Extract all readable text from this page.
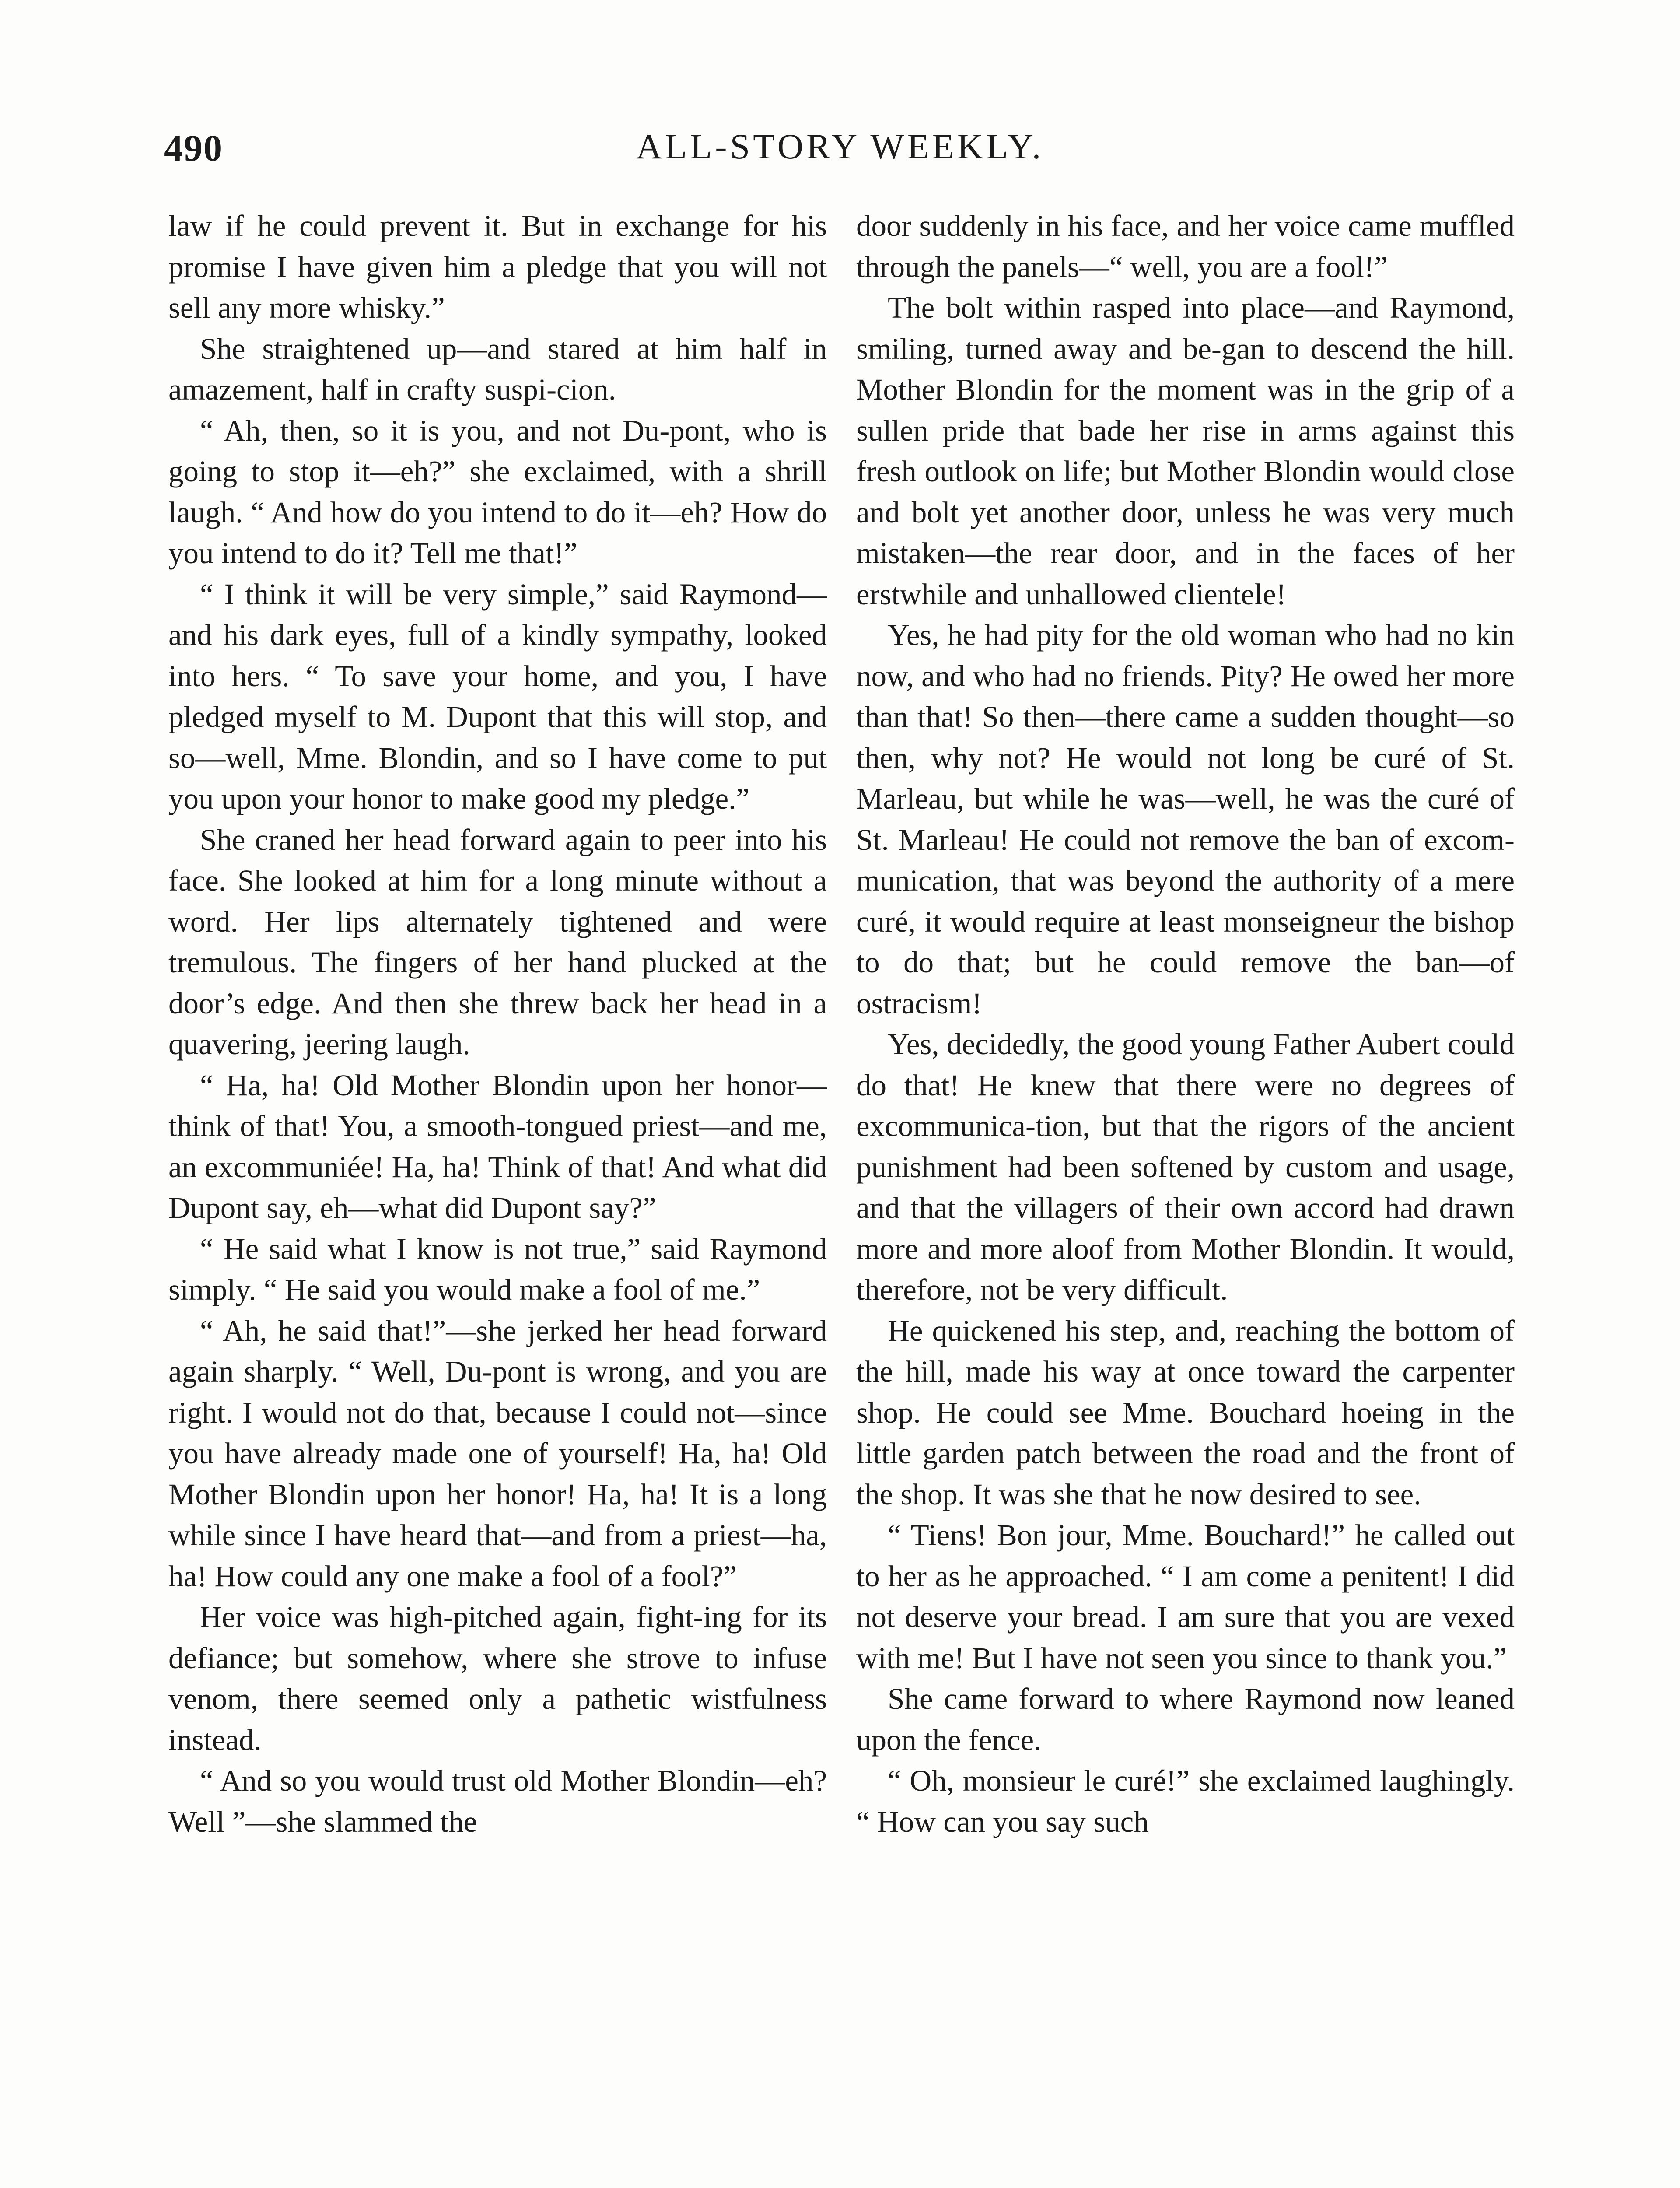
490	ALL-STORY WEEKLY.

law if he could prevent it. But in exchange for his promise I have given him a pledge that you will not sell any more whisky.”

She straightened up—and stared at him half in amazement, half in crafty suspi-cion.

“ Ah, then, so it is you, and not Du-pont, who is going to stop it—eh?” she exclaimed, with a shrill laugh. “ And how do you intend to do it—eh? How do you intend to do it? Tell me that!”

“ I think it will be very simple,” said Raymond—and his dark eyes, full of a kindly sympathy, looked into hers. “ To save your home, and you, I have pledged myself to M. Dupont that this will stop, and so—well, Mme. Blondin, and so I have come to put you upon your honor to make good my pledge.”

She craned her head forward again to peer into his face. She looked at him for a long minute without a word. Her lips alternately tightened and were tremulous. The fingers of her hand plucked at the door’s edge. And then she threw back her head in a quavering, jeering laugh.

“ Ha, ha! Old Mother Blondin upon her honor—think of that! You, a smooth-tongued priest—and me, an excommuniée! Ha, ha! Think of that! And what did Dupont say, eh—what did Dupont say?”

“ He said what I know is not true,” said Raymond simply. “ He said you would make a fool of me.”

“ Ah, he said that!”—she jerked her head forward again sharply. “ Well, Du-pont is wrong, and you are right. I would not do that, because I could not—since you have already made one of yourself! Ha, ha! Old Mother Blondin upon her honor! Ha, ha! It is a long while since I have heard that—and from a priest—ha, ha! How could any one make a fool of a fool?”

Her voice was high-pitched again, fight-ing for its defiance; but somehow, where she strove to infuse venom, there seemed only a pathetic wistfulness instead.

“ And so you would trust old Mother Blondin—eh? Well ”—she slammed the

door suddenly in his face, and her voice came muffled through the panels—“ well, you are a fool!”

The bolt within rasped into place—and Raymond, smiling, turned away and be-gan to descend the hill. Mother Blondin for the moment was in the grip of a sullen pride that bade her rise in arms against this fresh outlook on life; but Mother Blondin would close and bolt yet another door, unless he was very much mistaken—the rear door, and in the faces of her erstwhile and unhallowed clientele!

Yes, he had pity for the old woman who had no kin now, and who had no friends. Pity? He owed her more than that! So then—there came a sudden thought—so then, why not? He would not long be curé of St. Marleau, but while he was—well, he was the curé of St. Marleau! He could not remove the ban of excom-munication, that was beyond the authority of a mere curé, it would require at least monseigneur the bishop to do that; but he could remove the ban—of ostracism!

Yes, decidedly, the good young Father Aubert could do that! He knew that there were no degrees of excommunica-tion, but that the rigors of the ancient punishment had been softened by custom and usage, and that the villagers of their own accord had drawn more and more aloof from Mother Blondin. It would, therefore, not be very difficult.

He quickened his step, and, reaching the bottom of the hill, made his way at once toward the carpenter shop. He could see Mme. Bouchard hoeing in the little garden patch between the road and the front of the shop. It was she that he now desired to see.

“ Tiens! Bon jour, Mme. Bouchard!” he called out to her as he approached. “ I am come a penitent! I did not deserve your bread. I am sure that you are vexed with me! But I have not seen you since to thank you.”

She came forward to where Raymond now leaned upon the fence.

“ Oh, monsieur le curé!” she exclaimed laughingly. “ How can you say such
